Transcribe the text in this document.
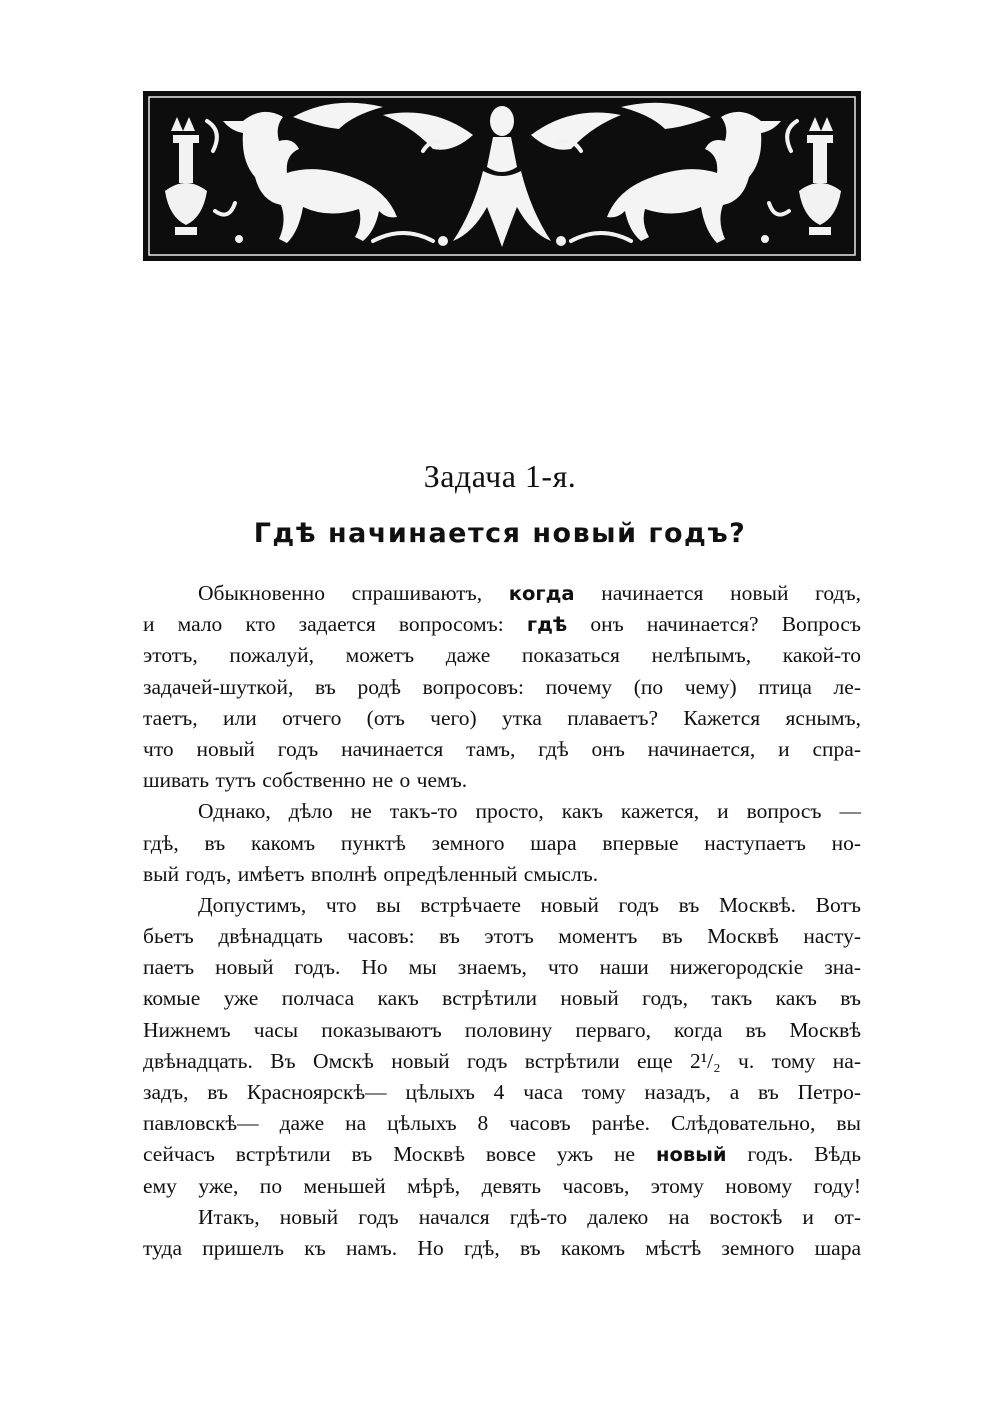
Задача 1-я.
Гдѣ начинается новый годъ?
Обыкновенно спрашиваютъ, когда начинается новый годъ,
и мало кто задается вопросомъ: гдѣ онъ начинается? Вопросъ
этотъ, пожалуй, можетъ даже показаться нелѣпымъ, какой-то
задачей-шуткой, въ родѣ вопросовъ: почему (по чему) птица ле-
таетъ, или отчего (отъ чего) утка плаваетъ? Кажется яснымъ,
что новый годъ начинается тамъ, гдѣ онъ начинается, и спра-
шивать тутъ собственно не о чемъ.
Однако, дѣло не такъ-то просто, какъ кажется, и вопросъ —
гдѣ, въ какомъ пунктѣ земного шара впервые наступаетъ но-
вый годъ, имѣетъ вполнѣ опредѣленный смыслъ.
Допустимъ, что вы встрѣчаете новый годъ въ Москвѣ. Вотъ
бьетъ двѣнадцать часовъ: въ этотъ моментъ въ Москвѣ насту-
паетъ новый годъ. Но мы знаемъ, что наши нижегородскіе зна-
комые уже полчаса какъ встрѣтили новый годъ, такъ какъ въ
Нижнемъ часы показываютъ половину перваго, когда въ Москвѣ
двѣнадцать. Въ Омскѣ новый годъ встрѣтили еще 2¹/₂ ч. тому на-
задъ, въ Красноярскѣ— цѣлыхъ 4 часа тому назадъ, а въ Петро-
павловскѣ— даже на цѣлыхъ 8 часовъ ранѣе. Слѣдовательно, вы
сейчасъ встрѣтили въ Москвѣ вовсе ужъ не новый годъ. Вѣдь
ему уже, по меньшей мѣрѣ, девять часовъ, этому новому году!
Итакъ, новый годъ начался гдѣ-то далеко на востокѣ и от-
туда пришелъ къ намъ. Но гдѣ, въ какомъ мѣстѣ земного шара
